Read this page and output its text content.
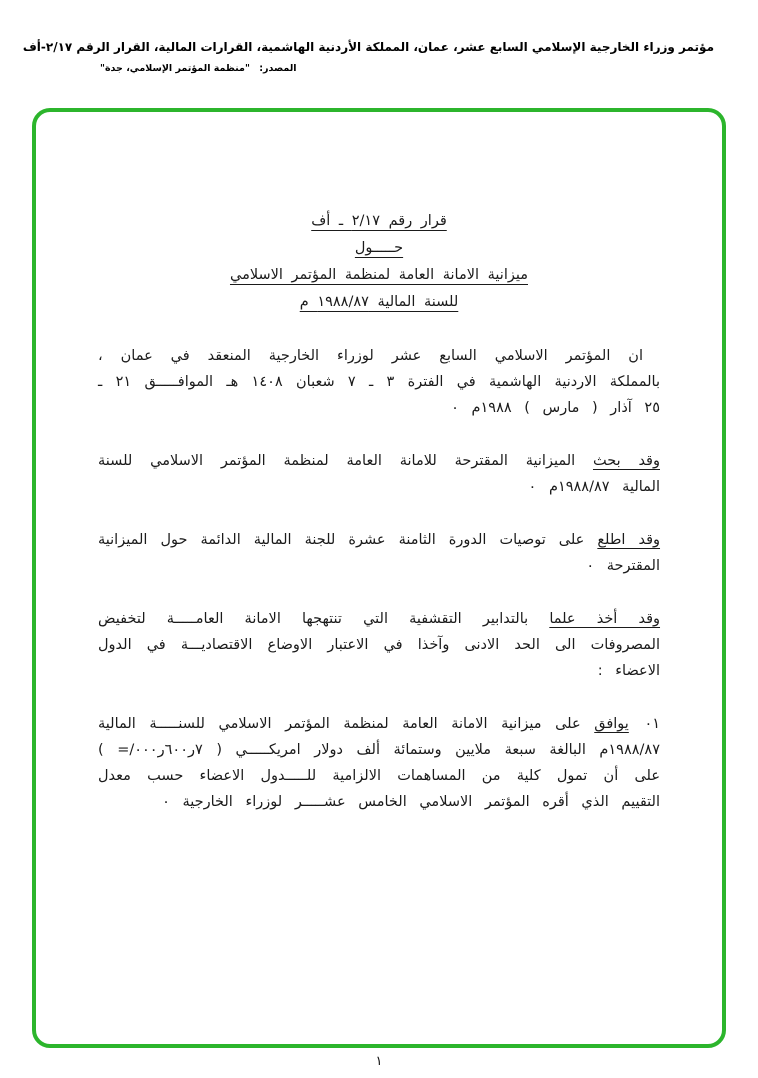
مؤتمر وزراء الخارجية الإسلامي السابع عشر، عمان، المملكة الأردنية الهاشمية، القرارات المالية، القرار الرقم ٢/١٧-أف
المصدر: "منظمة المؤتمر الإسلامي، جدة"
قرار رقم ٢/١٧ ـ أف
حـــــول
ميزانية الامانة العامة لمنظمة المؤتمر الاسلامي
للسنة المالية ١٩٨٨/٨٧ م

ان المؤتمر الاسلامي السابع عشر لوزراء الخارجية المنعقد في عمان ، بالمملكة الاردنية الهاشمية في الفترة ٣ ـ ٧ شعبان ١٤٠٨ هـ الموافـــــق ٢١ ـ ٢٥ آذار ( مارس ) ١٩٨٨م ٠

وقد بحث الميزانية المقترحة للامانة العامة لمنظمة المؤتمر الاسلامي للسنة المالية ١٩٨٨/٨٧م ٠

وقد اطلع على توصيات الدورة الثامنة عشرة للجنة المالية الدائمة حول الميزانية المقترحة ٠

وقد أخذ علما بالتدابير التقشفية التي تنتهجها الامانة العامـــــة لتخفيض المصروفات الى الحد الادنى وآخذا في الاعتبار الاوضاع الاقتصاديـــة في الدول الاعضاء :

٠١ يوافق على ميزانية الامانة العامة لمنظمة المؤتمر الاسلامي للسنـــــة المالية ١٩٨٨/٨٧م البالغة سبعة ملايين وستمائة ألف دولار امريكـــــي ( ٧ر٦٠٠ر٠٠٠/= ) على أن تمول كلية من المساهمات الالزامية للـــــدول الاعضاء حسب معدل التقييم الذي أقره المؤتمر الاسلامي الخامس عشـــــر لوزراء الخارجية ٠

١
